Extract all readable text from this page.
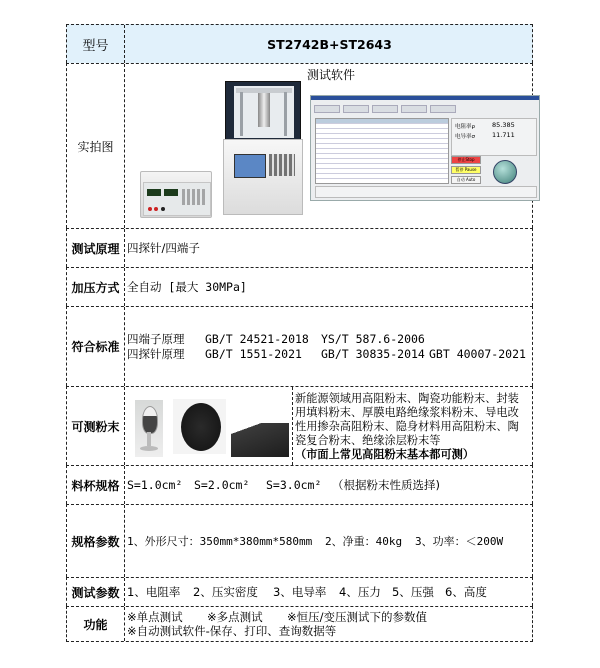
型号	ST2742B+ST2643
实拍图
测试软件
电阻率ρ	85.385
电导率σ	11.711
停止Stop
暂停 Pause
自动 Auto
测试原理 四探针/四端子
加压方式 全自动 [最大 30MPa]
符合标准
四端子原理 GB/T 24521-2018 YS/T 587.6-2006
四探针原理 GB/T 1551-2021 GB/T 30835-2014 GBT 40007-2021
可测粉末
新能源领域用高阻粉末、陶瓷功能粉末、封装用填料粉末、厚膜电路绝缘浆料粉末、导电改性用掺杂高阻粉末、隐身材料用高阻粉末、陶瓷复合粉末、绝缘涂层粉末等
（市面上常见高阻粉末基本都可测）
料杯规格 S=1.0cm²	S=2.0cm²	S=3.0cm² （根据粉末性质选择)
规格参数 1、外形尺寸：350mm*380mm*580mm	2、净重：40kg	3、功率：＜200W
测试参数 1、电阻率	2、压实密度	3、电导率	4、压力 5、压强 6、高度
功能
※单点测试 ※多点测试 ※恒压/变压测试下的参数值
※自动测试软件-保存、打印、查询数据等
